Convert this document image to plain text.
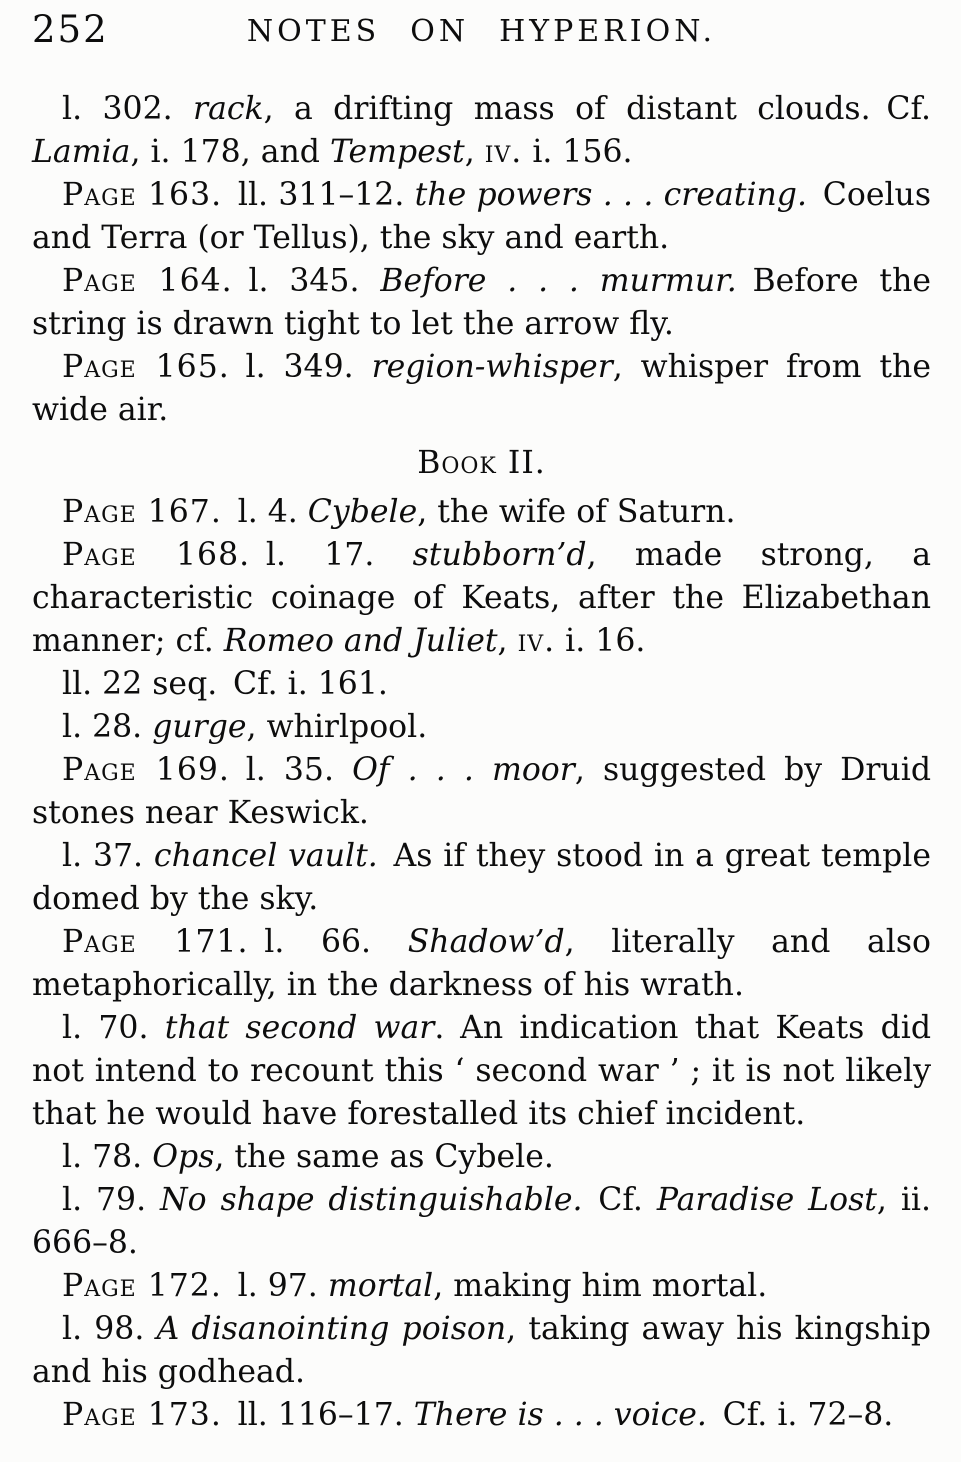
252	NOTES ON HYPERION.

l. 302. rack, a drifting mass of distant clouds. Cf. Lamia, i. 178, and Tempest, iv. i. 156.

Page 163. ll. 311–12. the powers . . . creating. Coelus and Terra (or Tellus), the sky and earth.

Page 164. l. 345. Before . . . murmur. Before the string is drawn tight to let the arrow fly.

Page 165. l. 349. region-whisper, whisper from the wide air.

Book II.

Page 167. l. 4. Cybele, the wife of Saturn.

Page 168. l. 17. stubborn’d, made strong, a characteristic coinage of Keats, after the Elizabethan manner; cf. Romeo and Juliet, iv. i. 16.

ll. 22 seq. Cf. i. 161.

l. 28. gurge, whirlpool.

Page 169. l. 35. Of . . . moor, suggested by Druid stones near Keswick.

l. 37. chancel vault. As if they stood in a great temple domed by the sky.

Page 171. l. 66. Shadow’d, literally and also metaphorically, in the darkness of his wrath.

l. 70. that second war. An indication that Keats did not intend to recount this ‘ second war ’ ; it is not likely that he would have forestalled its chief incident.

l. 78. Ops, the same as Cybele.

l. 79. No shape distinguishable. Cf. Paradise Lost, ii. 666–8.

Page 172. l. 97. mortal, making him mortal.

l. 98. A disanointing poison, taking away his kingship and his godhead.

Page 173. ll. 116–17. There is . . . voice. Cf. i. 72–8.
